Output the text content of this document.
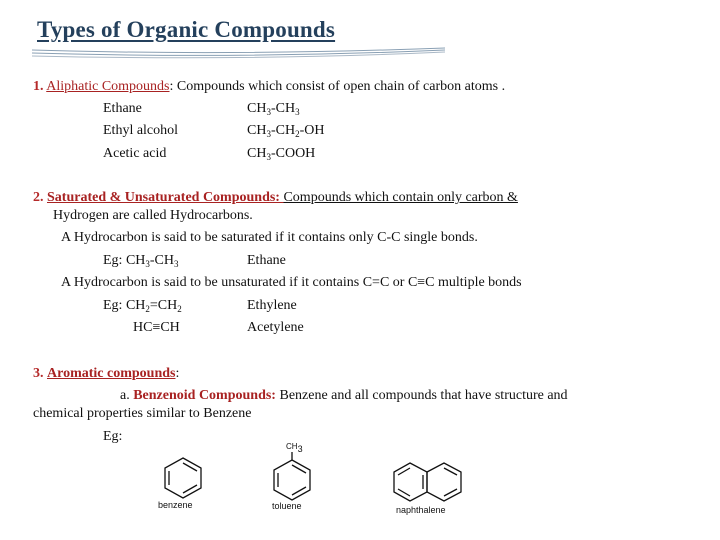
Types of Organic Compounds
1. Aliphatic Compounds: Compounds which consist of open chain of carbon atoms .
Ethane	$CH_3-CH_3$
Ethyl alcohol	$CH_3-CH_2-OH$
Acetic acid	$CH_3$-COOH
2. Saturated & Unsaturated Compounds: Compounds which contain only carbon &
Hydrogen are called Hydrocarbons.
A Hydrocarbon is said to be saturated if it contains only C-C single bonds.
Eg: $CH_3-CH_3$	Ethane
A Hydrocarbon is said to be unsaturated if it contains C=C or C≡C multiple bonds
Eg: $CH_2=CH_2$	Ethylene
HC≡CH	Acetylene
3. Aromatic compounds:
a. Benzenoid Compounds: Benzene and all compounds that have structure and
chemical properties similar to Benzene
Eg:
benzene
$CH_3$
toluene	naphthalene
